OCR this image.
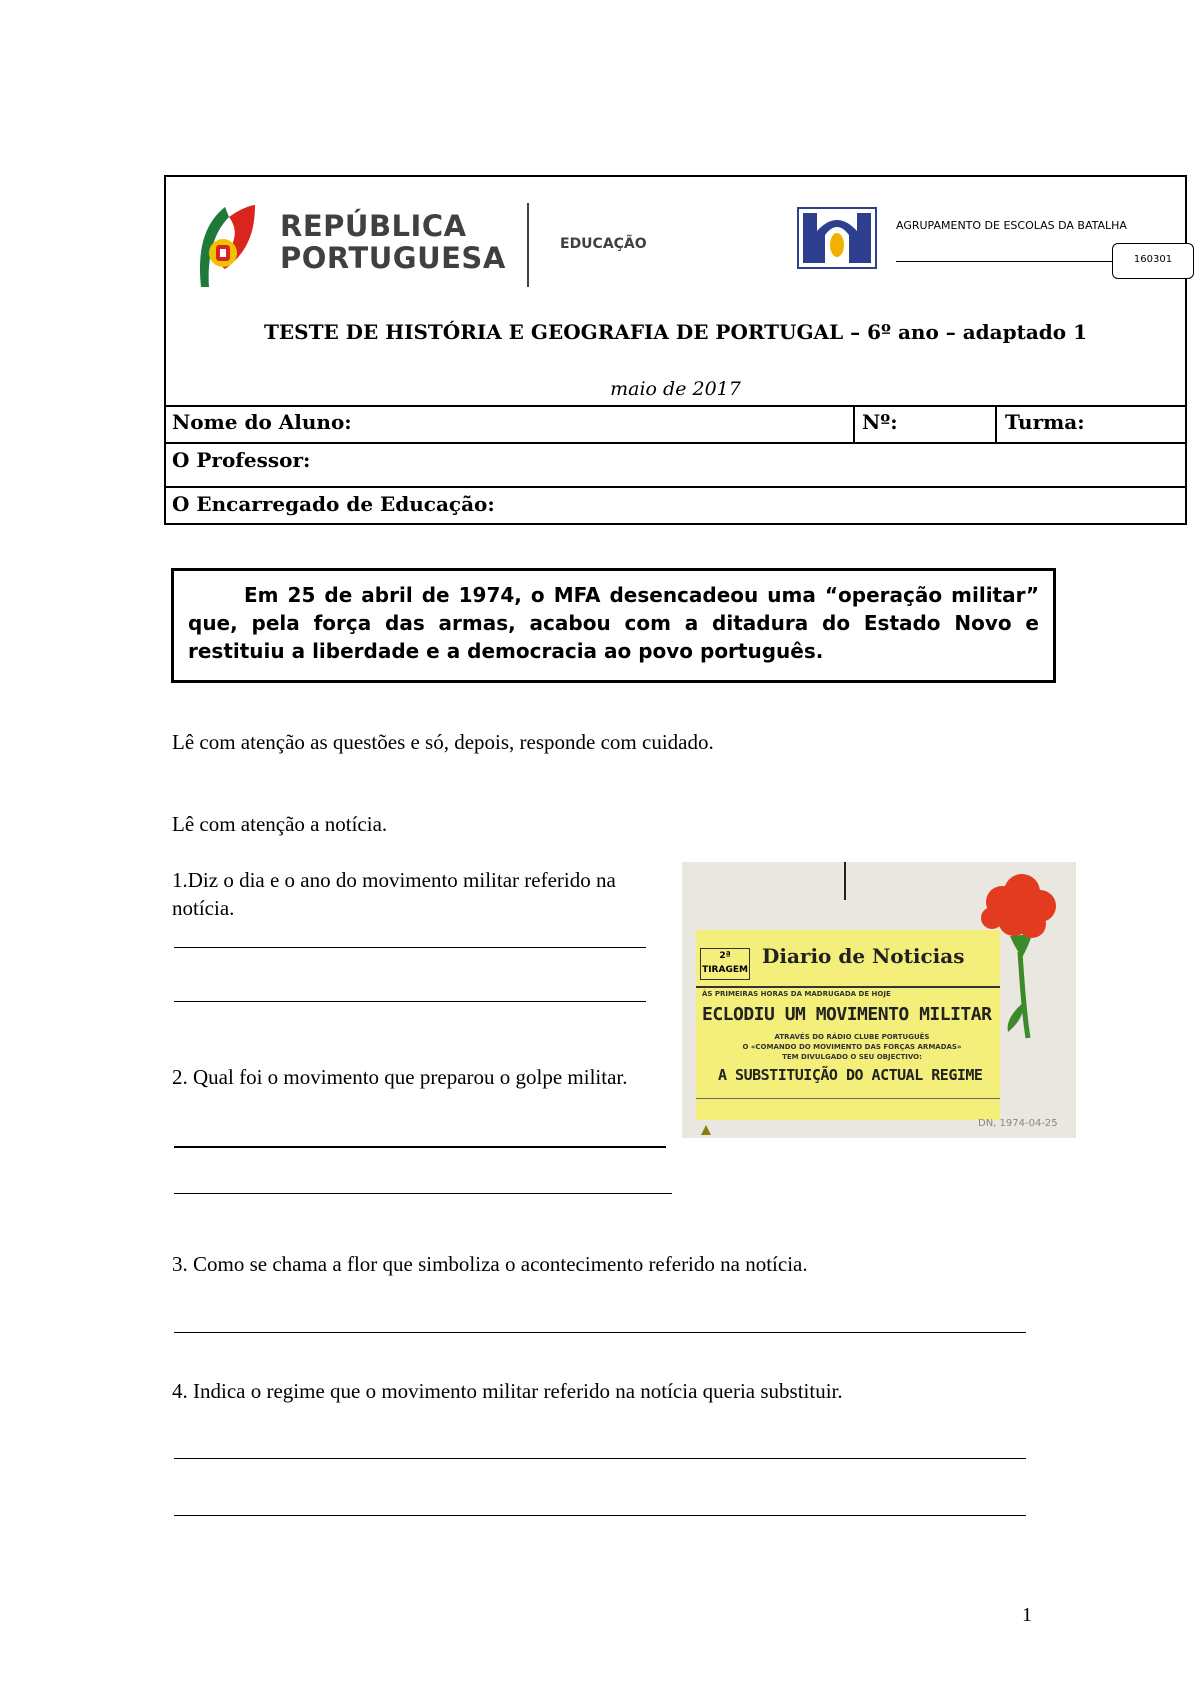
REPÚBLICA
PORTUGUESA	EDUCAÇÃO
AGRUPAMENTO DE ESCOLAS DA BATALHA
160301
TESTE DE HISTÓRIA E GEOGRAFIA DE PORTUGAL – 6º ano – adaptado 1
maio de 2017
Nome do Aluno:	Nº:	Turma:
O Professor:
O Encarregado de Educação:
Em 25 de abril de 1974, o MFA desencadeou uma “operação militar” que, pela força das armas, acabou com a ditadura do Estado Novo e restituiu a liberdade e a democracia ao povo português.
Lê com atenção as questões e só, depois, responde com cuidado.
Lê com atenção a notícia.
1.Diz o dia e o ano do movimento militar referido na notícia.
2. Qual foi o movimento que preparou o golpe militar.
2ª TIRAGEM
Diario de Noticias
ÀS PRIMEIRAS HORAS DA MADRUGADA DE HOJE
ECLODIU UM MOVIMENTO MILITAR
ATRAVÉS DO RÁDIO CLUBE PORTUGUÊS
O «COMANDO DO MOVIMENTO DAS FORÇAS ARMADAS»
TEM DIVULGADO O SEU OBJECTIVO:
A SUBSTITUIÇÃO DO ACTUAL REGIME
DN, 1974-04-25
3. Como se chama a flor que simboliza o acontecimento referido na notícia.
4. Indica o regime que o movimento militar referido na notícia queria substituir.
1
